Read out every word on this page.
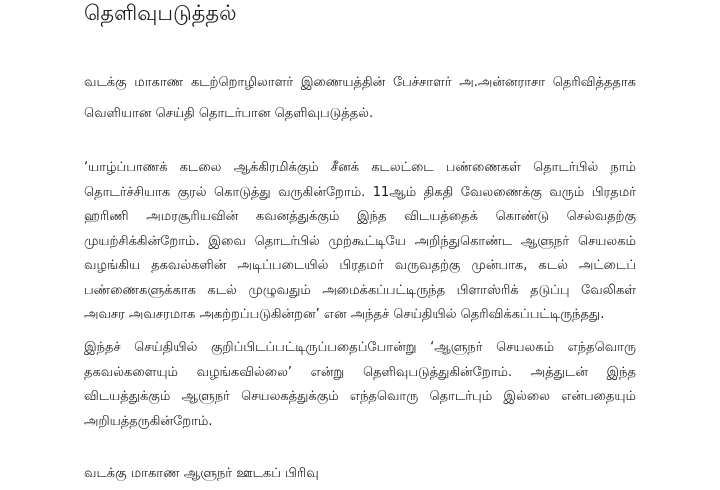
தெளிவுபடுத்தல்

வடக்கு மாகாண கடற்றொழிலாளர் இணையத்தின் பேச்சாளர் அ.அன்னராசா தெரிவித்ததாக வெளியான செய்தி தொடர்பான தெளிவுபடுத்தல்.

‘யாழ்ப்பாணக் கடலை ஆக்கிரமிக்கும் சீனக் கடலட்டை பண்ணைகள் தொடர்பில் நாம் தொடர்ச்சியாக குரல் கொடுத்து வருகின்றோம். 11ஆம் திகதி வேலணைக்கு வரும் பிரதமர் ஹரிணி அமரசூரியவின் கவனத்துக்கும் இந்த விடயத்தைக் கொண்டு செல்வதற்கு முயற்சிக்கின்றோம். இவை தொடர்பில் முற்கூட்டியே அறிந்துகொண்ட ஆளுநர் செயலகம் வழங்கிய தகவல்களின் அடிப்படையில் பிரதமர் வருவதற்கு முன்பாக, கடல் அட்டைப் பண்ணைகளுக்காக கடல் முழுவதும் அமைக்கப்பட்டிருந்த பிளாஸ்ரிக் தடுப்பு வேலிகள் அவசர அவசரமாக அகற்றப்படுகின்றன’ என அந்தச் செய்தியில் தெரிவிக்கப்பட்டிருந்தது.

இந்தச் செய்தியில் குறிப்பிடப்பட்டிருப்பதைப்போன்று ‘ஆளுநர் செயலகம் எந்தவொரு தகவல்களையும் வழங்கவில்லை’ என்று தெளிவுபடுத்துகின்றோம். அத்துடன் இந்த விடயத்துக்கும் ஆளுநர் செயலகத்துக்கும் எந்தவொரு தொடர்பும் இல்லை என்பதையும் அறியத்தருகின்றோம்.

வடக்கு மாகாண ஆளுநர் ஊடகப் பிரிவு
